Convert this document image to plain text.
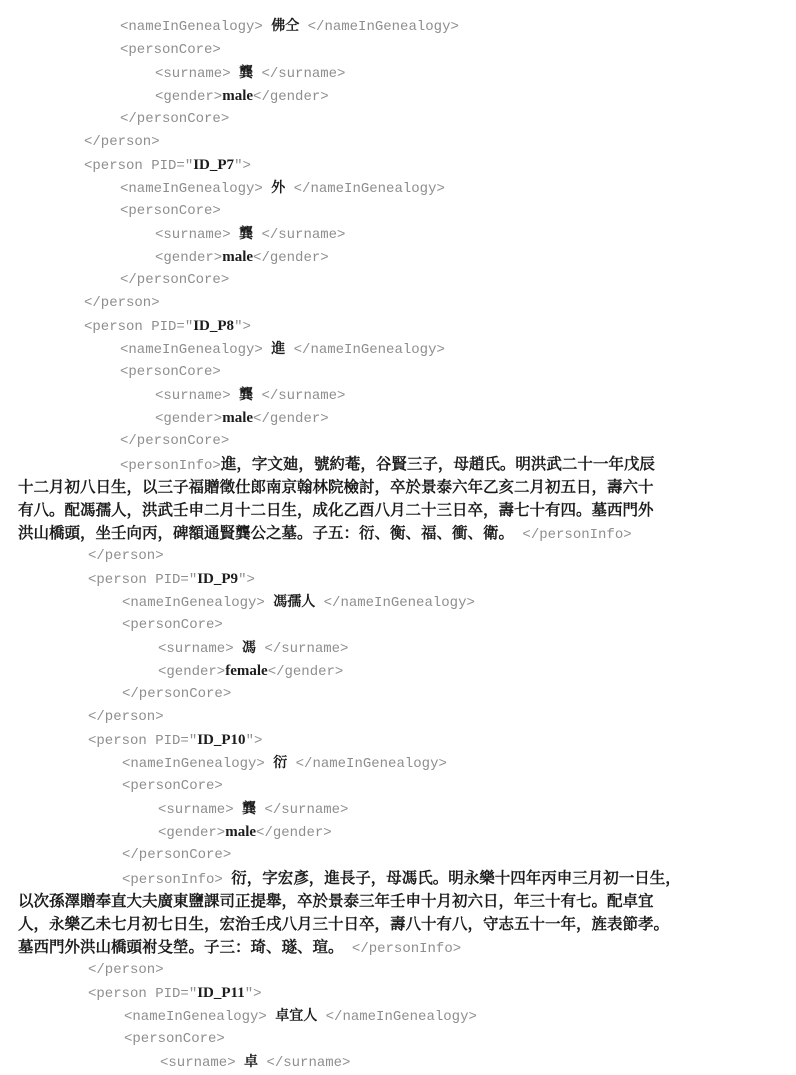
<nameInGenealogy> 佛仝 </nameInGenealogy>
<personCore>
<surname> 龔 </surname>
<gender>male</gender>
</personCore>
</person>
<person PID="ID_P7">
<nameInGenealogy> 外 </nameInGenealogy>
<personCore>
<surname> 龔 </surname>
<gender>male</gender>
</personCore>
</person>
<person PID="ID_P8">
<nameInGenealogy> 進 </nameInGenealogy>
<personCore>
<surname> 龔 </surname>
<gender>male</gender>
</personCore>
<personInfo>進，字文廸，號約菴，谷賢三子，母趙氏。明洪武二十一年戊辰
十二月初八日生，以三子福贈徵仕郎南京翰林院檢討，卒於景泰六年乙亥二月初五日，壽六十
有八。配馮孺人，洪武壬申二月十二日生，成化乙酉八月二十三日卒，壽七十有四。墓西門外
洪山橋頭，坐壬向丙，碑額通賢龔公之墓。子五：衍、衡、福、衝、衛。 </personInfo>
</person>
<person PID="ID_P9">
<nameInGenealogy> 馮孺人 </nameInGenealogy>
<personCore>
<surname> 馮 </surname>
<gender>female</gender>
</personCore>
</person>
<person PID="ID_P10">
<nameInGenealogy> 衍 </nameInGenealogy>
<personCore>
<surname> 龔 </surname>
<gender>male</gender>
</personCore>
<personInfo> 衍，字宏彥，進長子，母馮氏。明永樂十四年丙申三月初一日生，
以次孫澤贈奉直大夫廣東鹽課司正提舉，卒於景泰三年壬申十月初六日，年三十有七。配卓宜
人，永樂乙未七月初七日生，宏治壬戌八月三十日卒，壽八十有八，守志五十一年，旌表節孝。
墓西門外洪山橋頭祔殳塋。子三：琦、璲、瑄。 </personInfo>
</person>
<person PID="ID_P11">
<nameInGenealogy> 卓宜人 </nameInGenealogy>
<personCore>
<surname> 卓 </surname>
